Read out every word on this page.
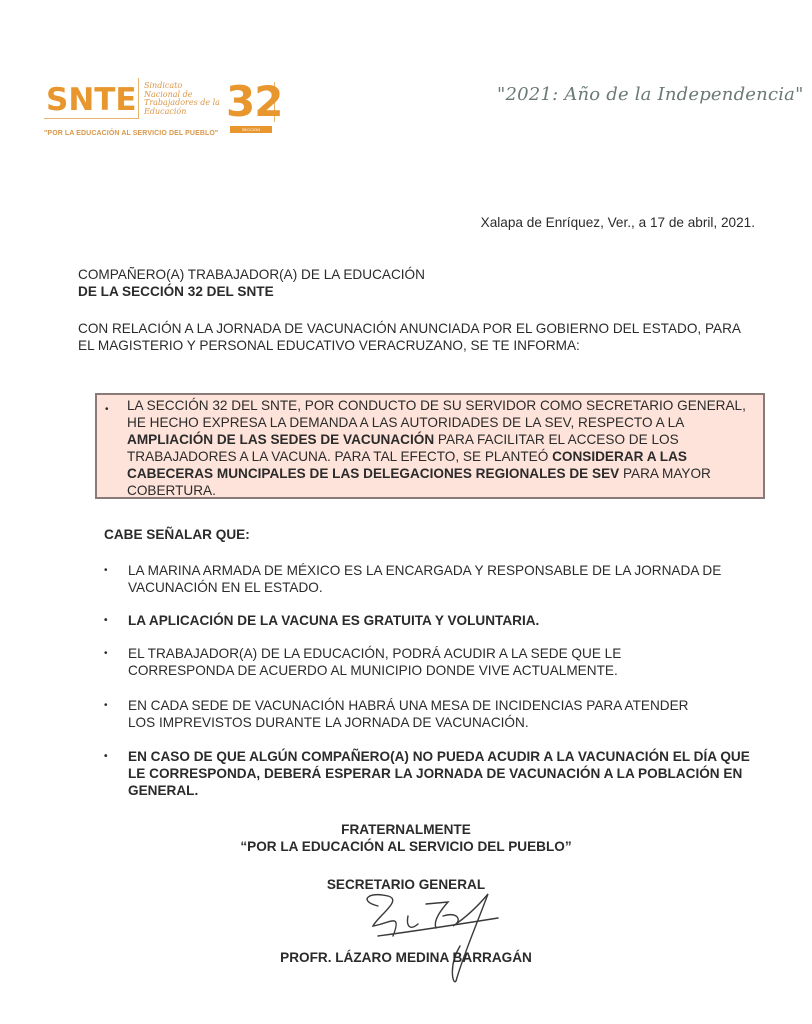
SNTE Sindicato
Nacional de
Trabajadores de la
Educación 32
SECCIÓN
"POR LA EDUCACIÓN AL SERVICIO DEL PUEBLO"
"2021: Año de la Independencia"
Xalapa de Enríquez, Ver., a 17 de abril, 2021.
COMPAÑERO(A) TRABAJADOR(A) DE LA EDUCACIÓN
DE LA SECCIÓN 32 DEL SNTE
CON RELACIÓN A LA JORNADA DE VACUNACIÓN ANUNCIADA POR EL GOBIERNO DEL ESTADO, PARA EL MAGISTERIO Y PERSONAL EDUCATIVO VERACRUZANO, SE TE INFORMA:
• LA SECCIÓN 32 DEL SNTE, POR CONDUCTO DE SU SERVIDOR COMO SECRETARIO GENERAL, HE HECHO EXPRESA LA DEMANDA A LAS AUTORIDADES DE LA SEV, RESPECTO A LA AMPLIACIÓN DE LAS SEDES DE VACUNACIÓN PARA FACILITAR EL ACCESO DE LOS TRABAJADORES A LA VACUNA. PARA TAL EFECTO, SE PLANTEÓ CONSIDERAR A LAS CABECERAS MUNCIPALES DE LAS DELEGACIONES REGIONALES DE SEV PARA MAYOR COBERTURA.
CABE SEÑALAR QUE:
• LA MARINA ARMADA DE MÉXICO ES LA ENCARGADA Y RESPONSABLE DE LA JORNADA DE VACUNACIÓN EN EL ESTADO.
• LA APLICACIÓN DE LA VACUNA ES GRATUITA Y VOLUNTARIA.
• EL TRABAJADOR(A) DE LA EDUCACIÓN, PODRÁ ACUDIR A LA SEDE QUE LE CORRESPONDA DE ACUERDO AL MUNICIPIO DONDE VIVE ACTUALMENTE.
• EN CADA SEDE DE VACUNACIÓN HABRÁ UNA MESA DE INCIDENCIAS PARA ATENDER LOS IMPREVISTOS DURANTE LA JORNADA DE VACUNACIÓN.
• EN CASO DE QUE ALGÚN COMPAÑERO(A) NO PUEDA ACUDIR A LA VACUNACIÓN EL DÍA QUE LE CORRESPONDA, DEBERÁ ESPERAR LA JORNADA DE VACUNACIÓN A LA POBLACIÓN EN GENERAL.
FRATERNALMENTE
“POR LA EDUCACIÓN AL SERVICIO DEL PUEBLO”
SECRETARIO GENERAL
PROFR. LÁZARO MEDINA BARRAGÁN
